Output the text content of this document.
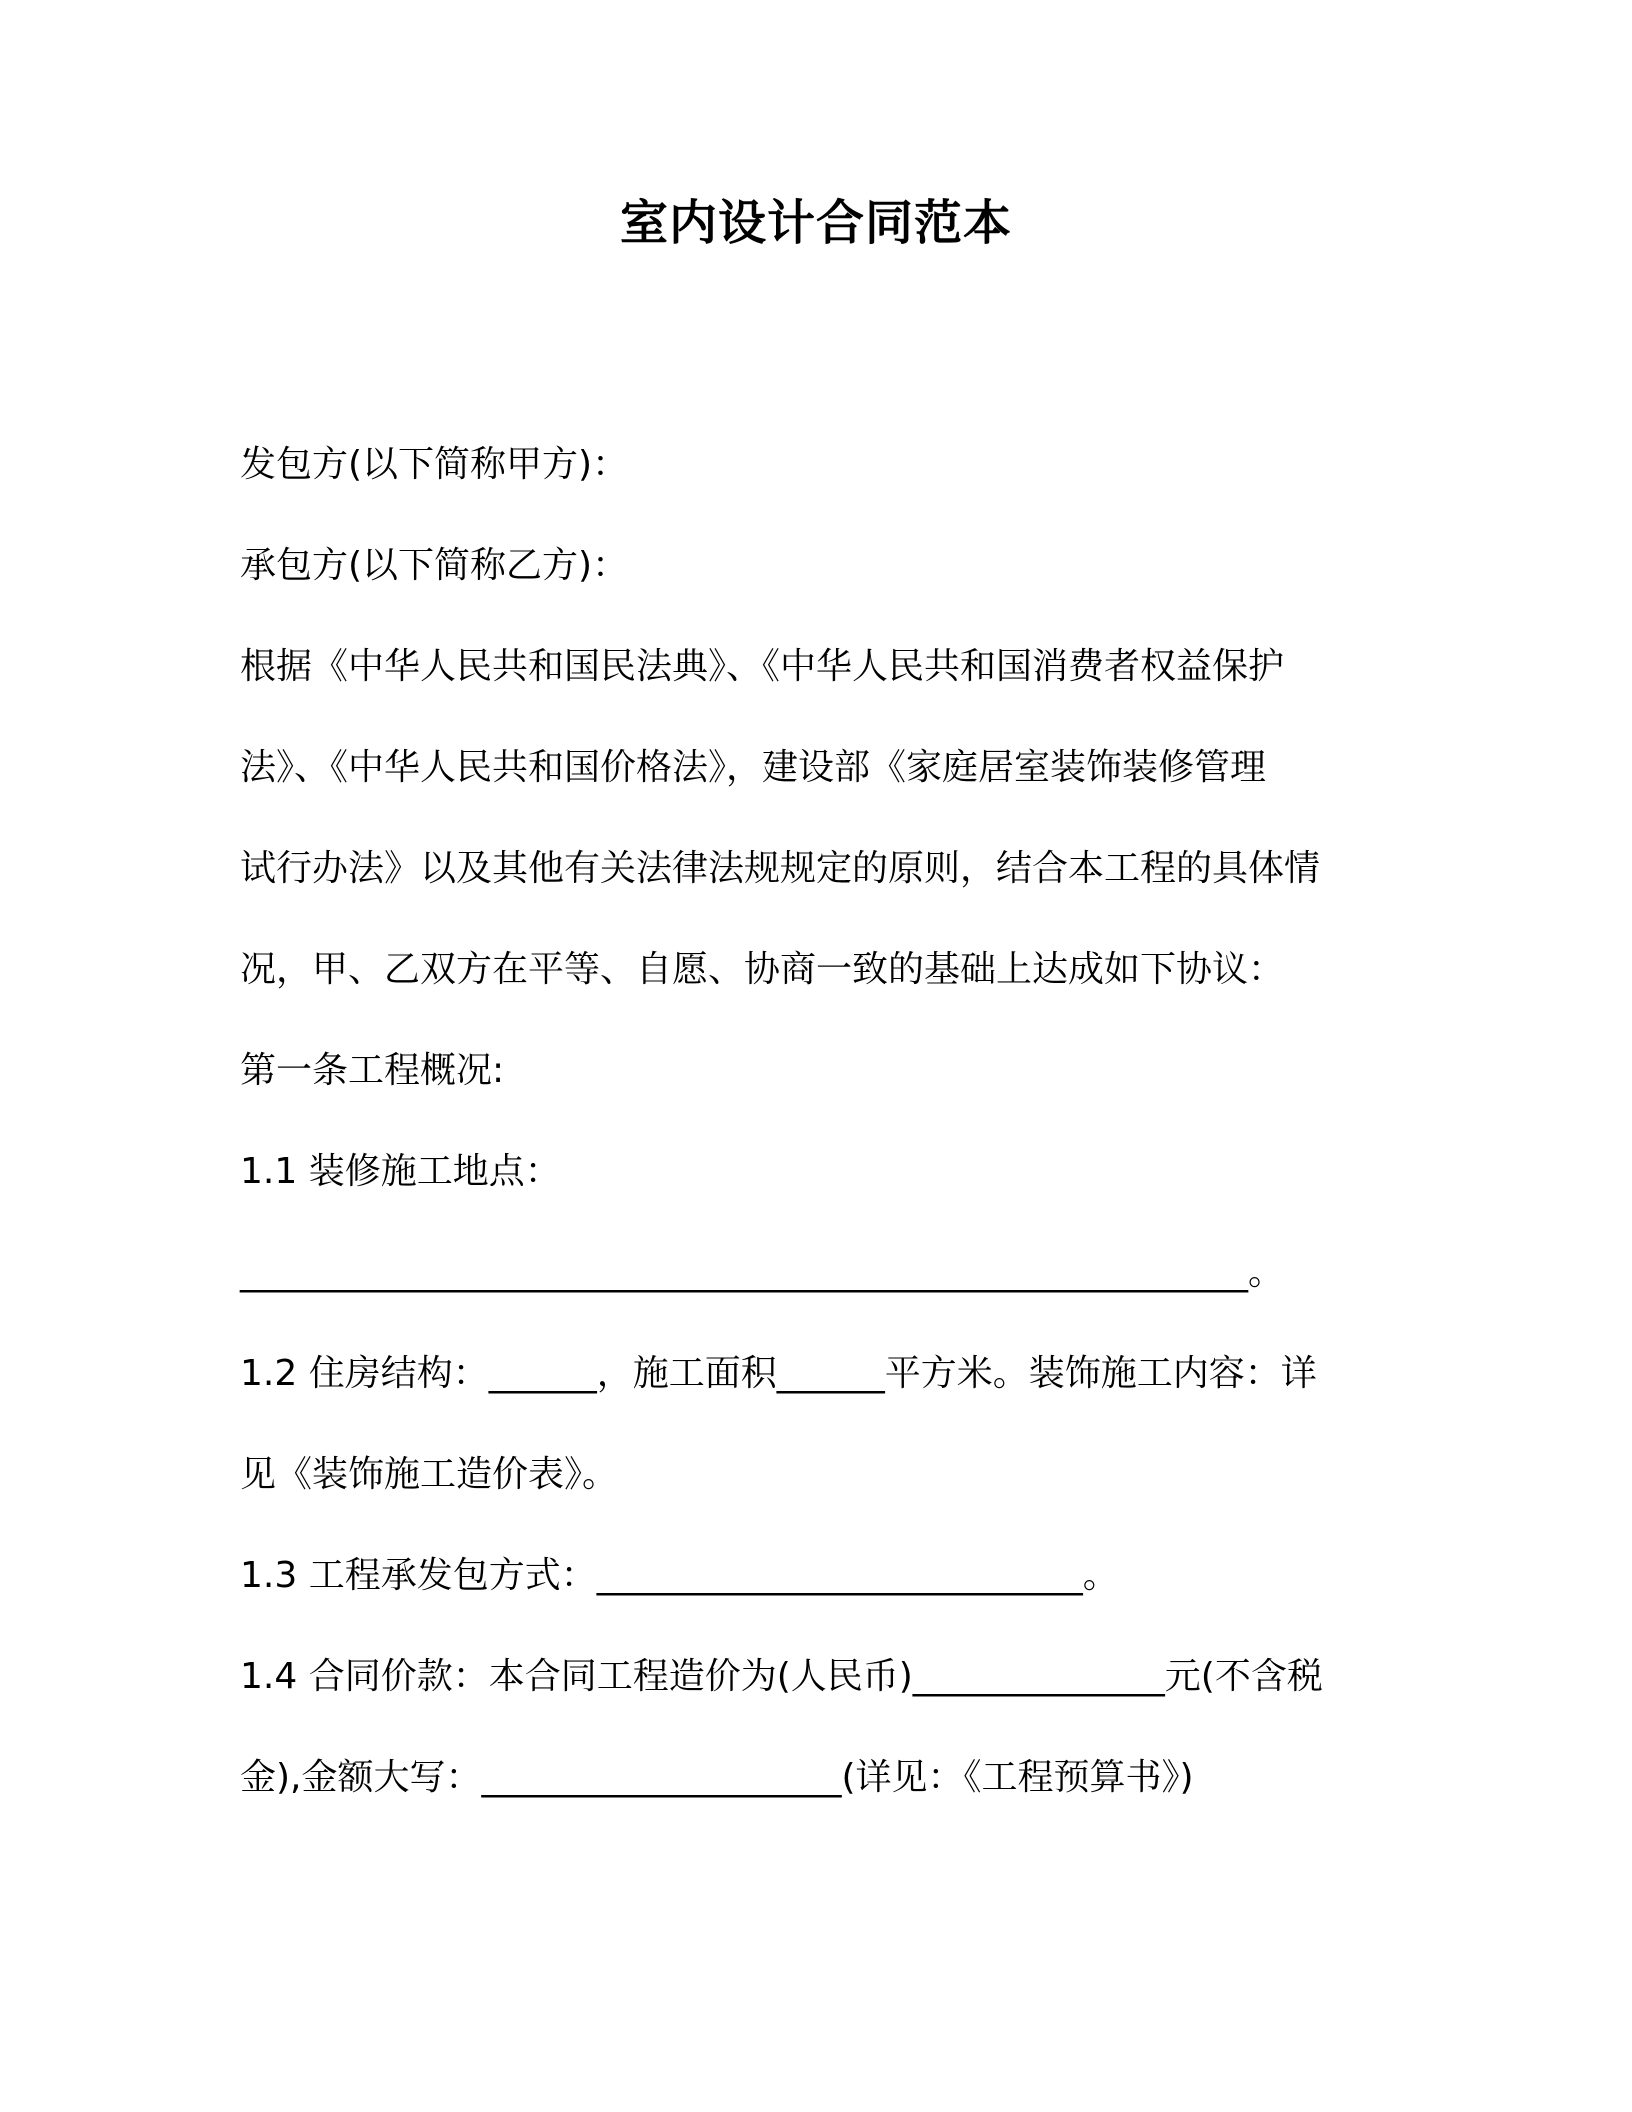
室内设计合同范本

发包方(以下简称甲方)：

承包方(以下简称乙方)：

根据《中华人民共和国民法典》、《中华人民共和国消费者权益保护

法》、《中华人民共和国价格法》，建设部《家庭居室装饰装修管理

试行办法》以及其他有关法律法规规定的原则，结合本工程的具体情

况，甲、乙双方在平等、自愿、协商一致的基础上达成如下协议：

第一条工程概况:

1.1 装修施工地点：

________________________________________________________。

1.2 住房结构：______，施工面积______平方米。装饰施工内容：详

见《装饰施工造价表》。

1.3 工程承发包方式：___________________________。

1.4 合同价款：本合同工程造价为(人民币)______________元(不含税

金),金额大写：____________________(详见：《工程预算书》)
